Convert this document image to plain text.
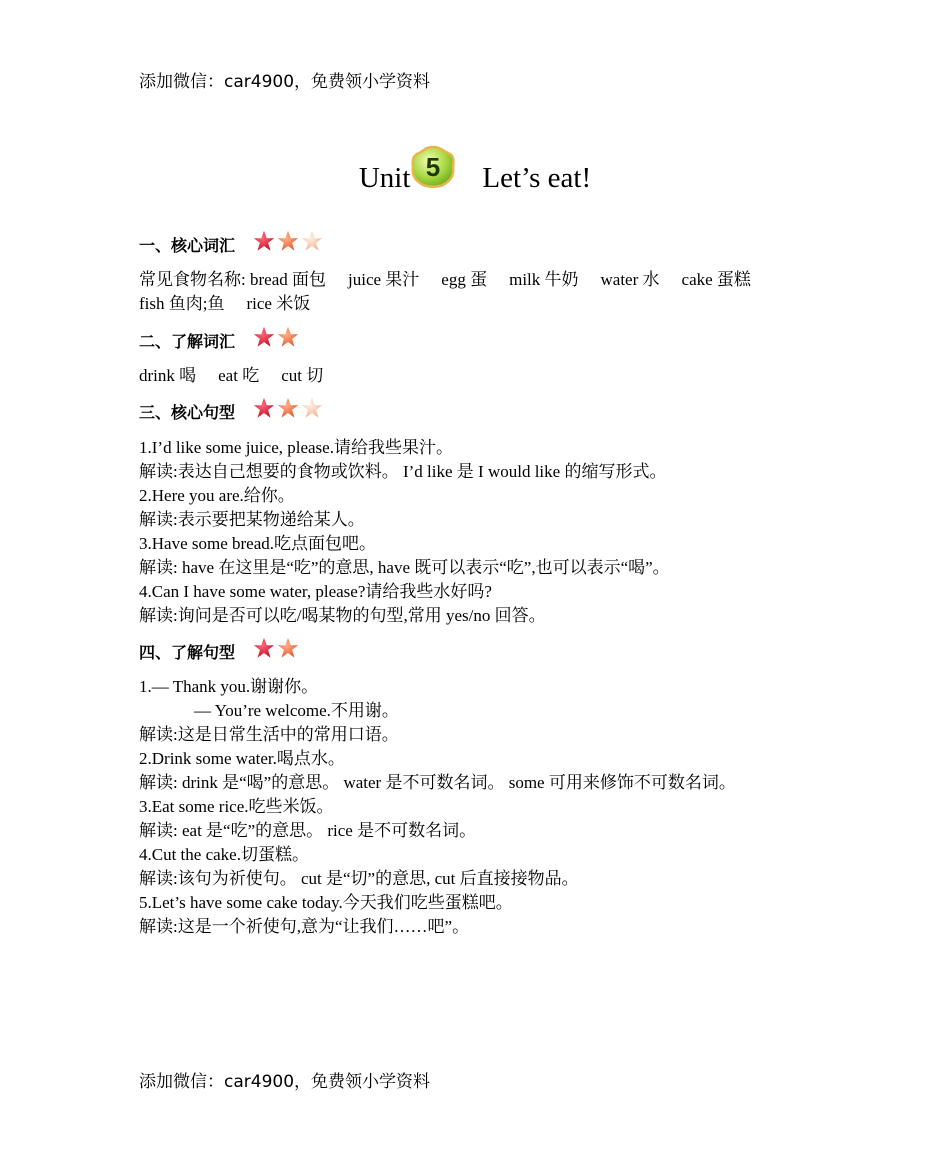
添加微信：car4900，免费领小学资料
Unit 5 Let’s eat!
一、核心词汇
常见食物名称: bread 面包 juice 果汁 egg 蛋 milk 牛奶 water 水 cake 蛋糕
fish 鱼肉;鱼 rice 米饭
二、了解词汇
drink 喝 eat 吃 cut 切
三、核心句型
1.I’d like some juice, please.请给我些果汁。
解读:表达自己想要的食物或饮料。 I’d like 是 I would like 的缩写形式。
2.Here you are.给你。
解读:表示要把某物递给某人。
3.Have some bread.吃点面包吧。
解读: have 在这里是“吃”的意思, have 既可以表示“吃”,也可以表示“喝”。
4.Can I have some water, please?请给我些水好吗?
解读:询问是否可以吃/喝某物的句型,常用 yes/no 回答。
四、了解句型
1.— Thank you.谢谢你。
— You’re welcome.不用谢。
解读:这是日常生活中的常用口语。
2.Drink some water.喝点水。
解读: drink 是“喝”的意思。 water 是不可数名词。 some 可用来修饰不可数名词。
3.Eat some rice.吃些米饭。
解读: eat 是“吃”的意思。 rice 是不可数名词。
4.Cut the cake.切蛋糕。
解读:该句为祈使句。 cut 是“切”的意思, cut 后直接接物品。
5.Let’s have some cake today.今天我们吃些蛋糕吧。
解读:这是一个祈使句,意为“让我们……吧”。
添加微信：car4900，免费领小学资料
